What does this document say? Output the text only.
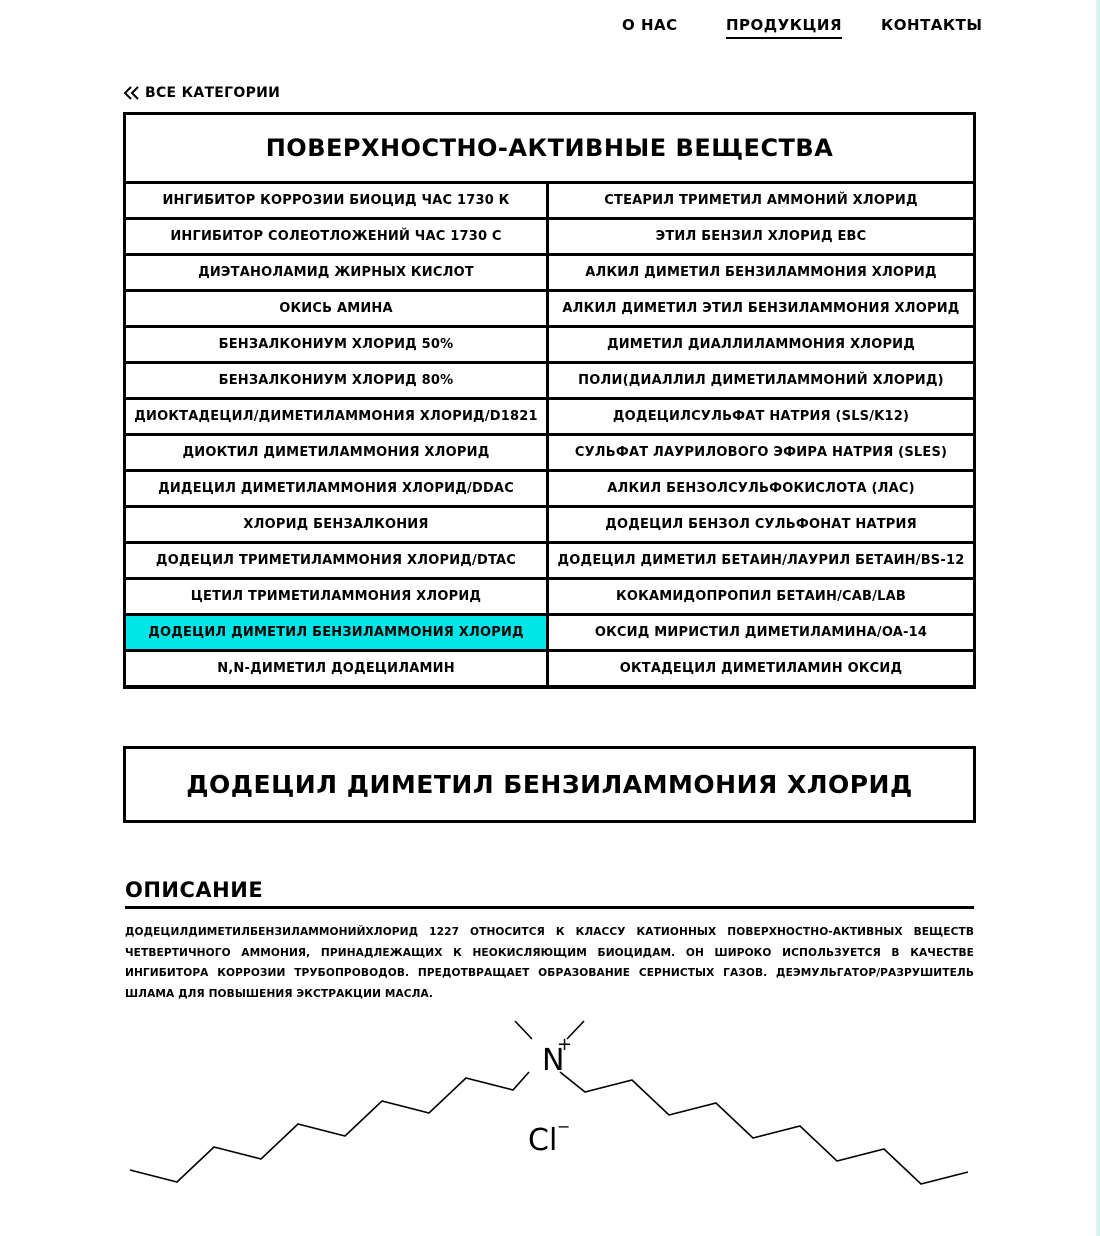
О НАС	ПРОДУКЦИЯ	КОНТАКТЫ
ВСЕ КАТЕГОРИИ
ПОВЕРХНОСТНО-АКТИВНЫЕ ВЕЩЕСТВА
ИНГИБИТОР КОРРОЗИИ БИОЦИД ЧАС 1730 К	СТЕАРИЛ ТРИМЕТИЛ АММОНИЙ ХЛОРИД
ИНГИБИТОР СОЛЕОТЛОЖЕНИЙ ЧАС 1730 С	ЭТИЛ БЕНЗИЛ ХЛОРИД EBC
ДИЭТАНОЛАМИД ЖИРНЫХ КИСЛОТ	АЛКИЛ ДИМЕТИЛ БЕНЗИЛАММОНИЯ ХЛОРИД
ОКИСЬ АМИНА	АЛКИЛ ДИМЕТИЛ ЭТИЛ БЕНЗИЛАММОНИЯ ХЛОРИД
БЕНЗАЛКОНИУМ ХЛОРИД 50%	ДИМЕТИЛ ДИАЛЛИЛАММОНИЯ ХЛОРИД
БЕНЗАЛКОНИУМ ХЛОРИД 80%	ПОЛИ(ДИАЛЛИЛ ДИМЕТИЛАММОНИЙ ХЛОРИД)
ДИОКТАДЕЦИЛ/ДИМЕТИЛАММОНИЯ ХЛОРИД/D1821	ДОДЕЦИЛСУЛЬФАТ НАТРИЯ (SLS/K12)
ДИОКТИЛ ДИМЕТИЛАММОНИЯ ХЛОРИД	СУЛЬФАТ ЛАУРИЛОВОГО ЭФИРА НАТРИЯ (SLES)
ДИДЕЦИЛ ДИМЕТИЛАММОНИЯ ХЛОРИД/DDAC	АЛКИЛ БЕНЗОЛСУЛЬФОКИСЛОТА (ЛАС)
ХЛОРИД БЕНЗАЛКОНИЯ	ДОДЕЦИЛ БЕНЗОЛ СУЛЬФОНАТ НАТРИЯ
ДОДЕЦИЛ ТРИМЕТИЛАММОНИЯ ХЛОРИД/DTAC	ДОДЕЦИЛ ДИМЕТИЛ БЕТАИН/ЛАУРИЛ БЕТАИН/BS-12
ЦЕТИЛ ТРИМЕТИЛАММОНИЯ ХЛОРИД	КОКАМИДОПРОПИЛ БЕТАИН/CAB/LAB
ДОДЕЦИЛ ДИМЕТИЛ БЕНЗИЛАММОНИЯ ХЛОРИД	ОКСИД МИРИСТИЛ ДИМЕТИЛАМИНА/OA-14
N,N-ДИМЕТИЛ ДОДЕЦИЛАМИН	ОКТАДЕЦИЛ ДИМЕТИЛАМИН ОКСИД
ДОДЕЦИЛ ДИМЕТИЛ БЕНЗИЛАММОНИЯ ХЛОРИД
ОПИСАНИЕ
ДОДЕЦИЛДИМЕТИЛБЕНЗИЛАММОНИЙХЛОРИД 1227 ОТНОСИТСЯ К КЛАССУ КАТИОННЫХ ПОВЕРХНОСТНО-АКТИВНЫХ ВЕЩЕСТВ ЧЕТВЕРТИЧНОГО АММОНИЯ, ПРИНАДЛЕЖАЩИХ К НЕОКИСЛЯЮЩИМ БИОЦИДАМ. ОН ШИРОКО ИСПОЛЬЗУЕТСЯ В КАЧЕСТВЕ ИНГИБИТОРА КОРРОЗИИ ТРУБОПРОВОДОВ. ПРЕДОТВРАЩАЕТ ОБРАЗОВАНИЕ СЕРНИСТЫХ ГАЗОВ. ДЕЭМУЛЬГАТОР/РАЗРУШИТЕЛЬ ШЛАМА ДЛЯ ПОВЫШЕНИЯ ЭКСТРАКЦИИ МАСЛА.
N
+
Cl −
